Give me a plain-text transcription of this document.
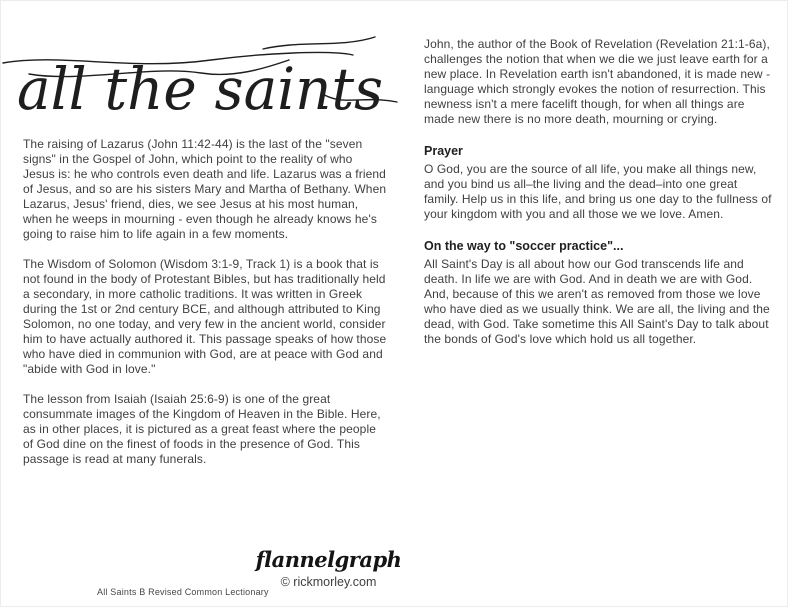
all the saints

The raising of Lazarus (John 11:42-44) is the last of the "seven signs" in the Gospel of John, which point to the reality of who Jesus is: he who controls even death and life. Lazarus was a friend of Jesus, and so are his sisters Mary and Martha of Bethany. When Lazarus, Jesus' friend, dies, we see Jesus at his most human, when he weeps in mourning - even though he already knows he's going to raise him to life again in a few moments.

The Wisdom of Solomon (Wisdom 3:1-9, Track 1) is a book that is not found in the body of Protestant Bibles, but has traditionally held a secondary, in more catholic traditions. It was written in Greek during the 1st or 2nd century BCE, and although attributed to King Solomon, no one today, and very few in the ancient world, consider him to have actually authored it. This passage speaks of how those who have died in communion with God, are at peace with God and "abide with God in love."

The lesson from Isaiah (Isaiah 25:6-9) is one of the great consummate images of the Kingdom of Heaven in the Bible. Here, as in other places, it is pictured as a great feast where the people of God dine on the finest of foods in the presence of God. This passage is read at many funerals.

John, the author of the Book of Revelation (Revelation 21:1-6a), challenges the notion that when we die we just leave earth for a new place. In Revelation earth isn't abandoned, it is made new - language which strongly evokes the notion of resurrection. This newness isn't a mere facelift though, for when all things are made new there is no more death, mourning or crying.

Prayer

O God, you are the source of all life, you make all things new, and you bind us all–the living and the dead–into one great family. Help us in this life, and bring us one day to the fullness of your kingdom with you and all those we we love. Amen.

On the way to "soccer practice"...

All Saint's Day is all about how our God transcends life and death. In life we are with God. And in death we are with God. And, because of this we aren't as removed from those we love who have died as we usually think. We are all, the living and the dead, with God. Take sometime this All Saint's Day to talk about the bonds of God's love which hold us all together.

All Saints B Revised Common Lectionary
flannelgraph
© rickmorley.com
